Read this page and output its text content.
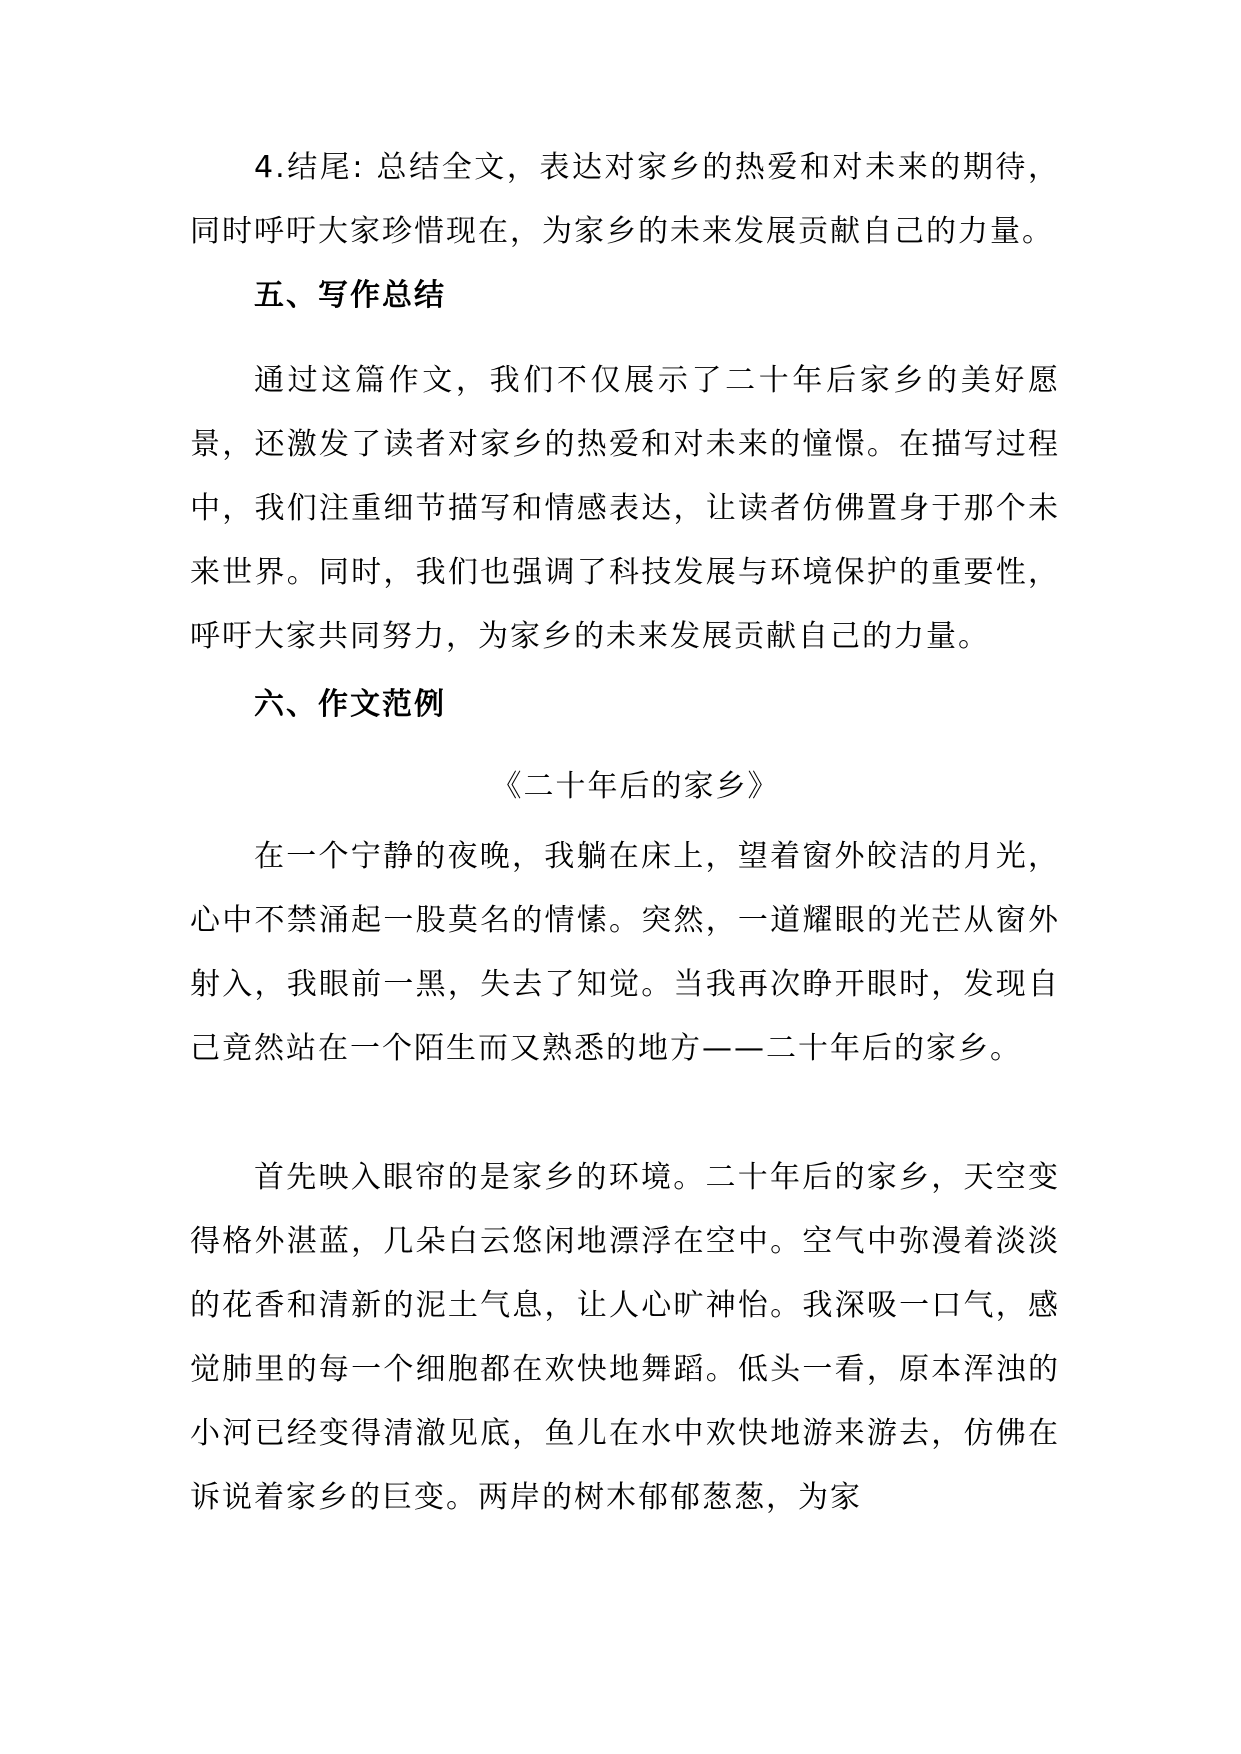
4.结尾: 总结全文，表达对家乡的热爱和对未来的期待，同时呼吁大家珍惜现在，为家乡的未来发展贡献自己的力量。

五、写作总结

通过这篇作文，我们不仅展示了二十年后家乡的美好愿景，还激发了读者对家乡的热爱和对未来的憧憬。在描写过程中，我们注重细节描写和情感表达，让读者仿佛置身于那个未来世界。同时，我们也强调了科技发展与环境保护的重要性，呼吁大家共同努力，为家乡的未来发展贡献自己的力量。

六、作文范例

《二十年后的家乡》

在一个宁静的夜晚，我躺在床上，望着窗外皎洁的月光，心中不禁涌起一股莫名的情愫。突然，一道耀眼的光芒从窗外射入，我眼前一黑，失去了知觉。当我再次睁开眼时，发现自己竟然站在一个陌生而又熟悉的地方——二十年后的家乡。

首先映入眼帘的是家乡的环境。二十年后的家乡，天空变得格外湛蓝，几朵白云悠闲地漂浮在空中。空气中弥漫着淡淡的花香和清新的泥土气息，让人心旷神怡。我深吸一口气，感觉肺里的每一个细胞都在欢快地舞蹈。低头一看，原本浑浊的小河已经变得清澈见底，鱼儿在水中欢快地游来游去，仿佛在诉说着家乡的巨变。两岸的树木郁郁葱葱，为家
